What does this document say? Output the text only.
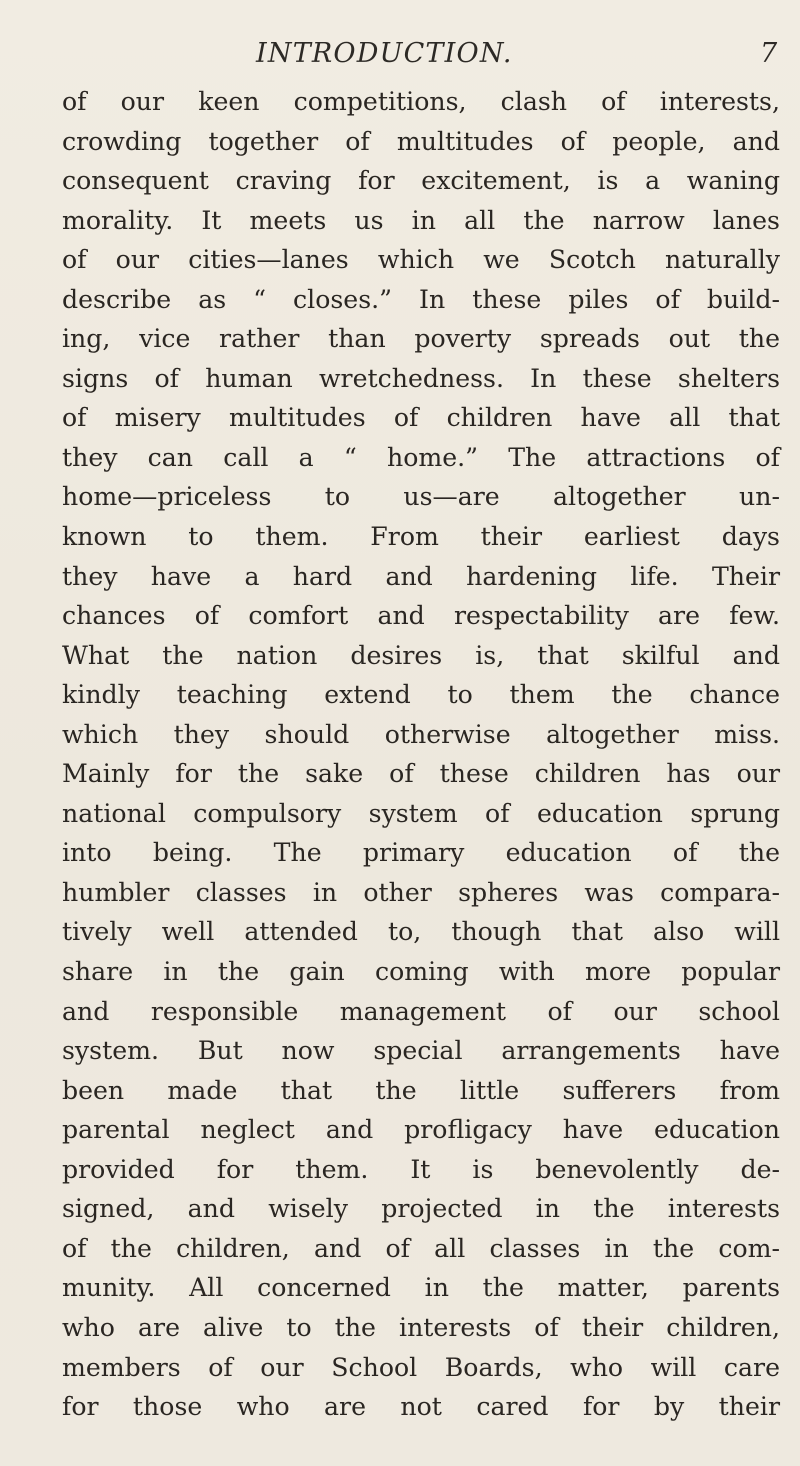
INTRODUCTION.	7
of our keen competitions, clash of interests,
crowding together of multitudes of people, and
consequent craving for excitement, is a waning
morality. It meets us in all the narrow lanes
of our cities—lanes which we Scotch naturally
describe as “ closes.” In these piles of build-
ing, vice rather than poverty spreads out the
signs of human wretchedness. In these shelters
of misery multitudes of children have all that
they can call a “ home.” The attractions of
home—priceless to us—are altogether un-
known to them. From their earliest days
they have a hard and hardening life. Their
chances of comfort and respectability are few.
What the nation desires is, that skilful and
kindly teaching extend to them the chance
which they should otherwise altogether miss.
Mainly for the sake of these children has our
national compulsory system of education sprung
into being. The primary education of the
humbler classes in other spheres was compara-
tively well attended to, though that also will
share in the gain coming with more popular
and responsible management of our school
system. But now special arrangements have
been made that the little sufferers from
parental neglect and profligacy have education
provided for them. It is benevolently de-
signed, and wisely projected in the interests
of the children, and of all classes in the com-
munity. All concerned in the matter, parents
who are alive to the interests of their children,
members of our School Boards, who will care
for those who are not cared for by their
